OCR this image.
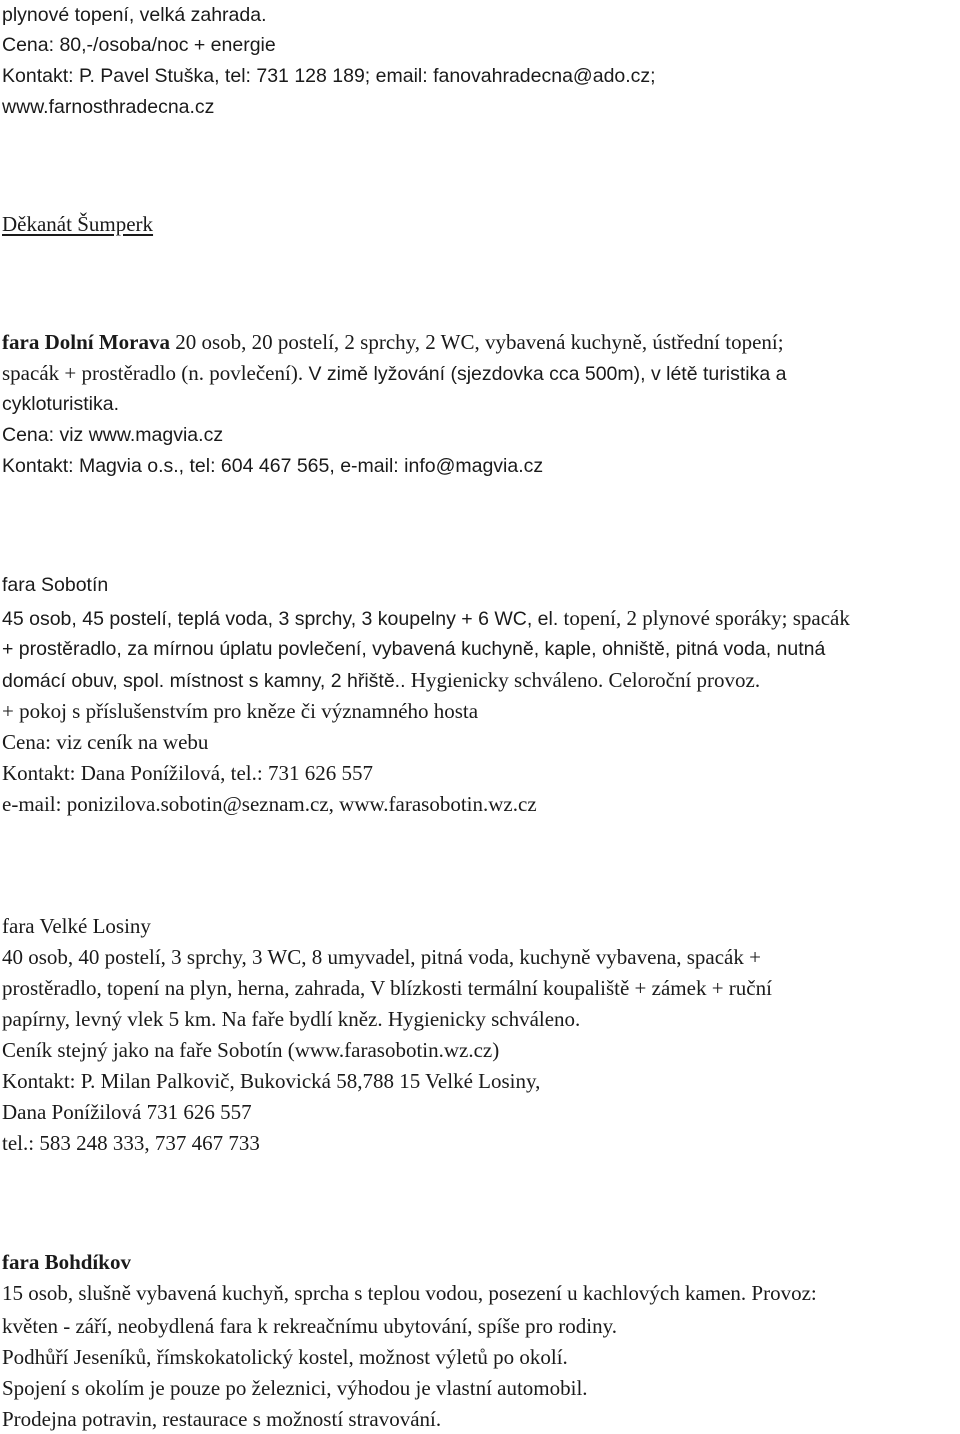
plynové topení, velká zahrada.
Cena: 80,-/osoba/noc + energie
Kontakt: P. Pavel Stuška, tel: 731 128 189; email: fanovahradecna@ado.cz;
www.farnosthradecna.cz
Děkanát Šumperk
fara Dolní Morava 20 osob, 20 postelí, 2 sprchy, 2 WC, vybavená kuchyně, ústřední topení;
spacák + prostěradlo (n. povlečení). V zimě lyžování (sjezdovka cca 500m), v létě turistika a
cykloturistika.
Cena: viz www.magvia.cz
Kontakt: Magvia o.s., tel: 604 467 565, e-mail: info@magvia.cz
fara Sobotín
45 osob, 45 postelí, teplá voda, 3 sprchy, 3 koupelny + 6 WC, el. topení, 2 plynové sporáky; spacák
+ prostěradlo, za mírnou úplatu povlečení, vybavená kuchyně, kaple, ohniště, pitná voda, nutná
domácí obuv, spol. místnost s kamny, 2 hřiště.. Hygienicky schváleno. Celoroční provoz.
+ pokoj s příslušenstvím pro kněze či významného hosta
Cena: viz ceník na webu
Kontakt: Dana Ponížilová, tel.: 731 626 557
e-mail: ponizilova.sobotin@seznam.cz, www.farasobotin.wz.cz
fara Velké Losiny
40 osob, 40 postelí, 3 sprchy, 3 WC, 8 umyvadel, pitná voda, kuchyně vybavena, spacák +
prostěradlo, topení na plyn, herna, zahrada, V blízkosti termální koupaliště + zámek + ruční
papírny, levný vlek 5 km. Na faře bydlí kněz. Hygienicky schváleno.
Ceník stejný jako na faře Sobotín (www.farasobotin.wz.cz)
Kontakt: P. Milan Palkovič, Bukovická 58,788 15 Velké Losiny,
Dana Ponížilová 731 626 557
tel.: 583 248 333, 737 467 733
fara Bohdíkov
15 osob, slušně vybavená kuchyň, sprcha s teplou vodou, posezení u kachlových kamen. Provoz:
květen - září, neobydlená fara k rekreačnímu ubytování, spíše pro rodiny.
Podhůří Jeseníků, římskokatolický kostel, možnost výletů po okolí.
Spojení s okolím je pouze po železnici, výhodou je vlastní automobil.
Prodejna potravin, restaurace s možností stravování.
